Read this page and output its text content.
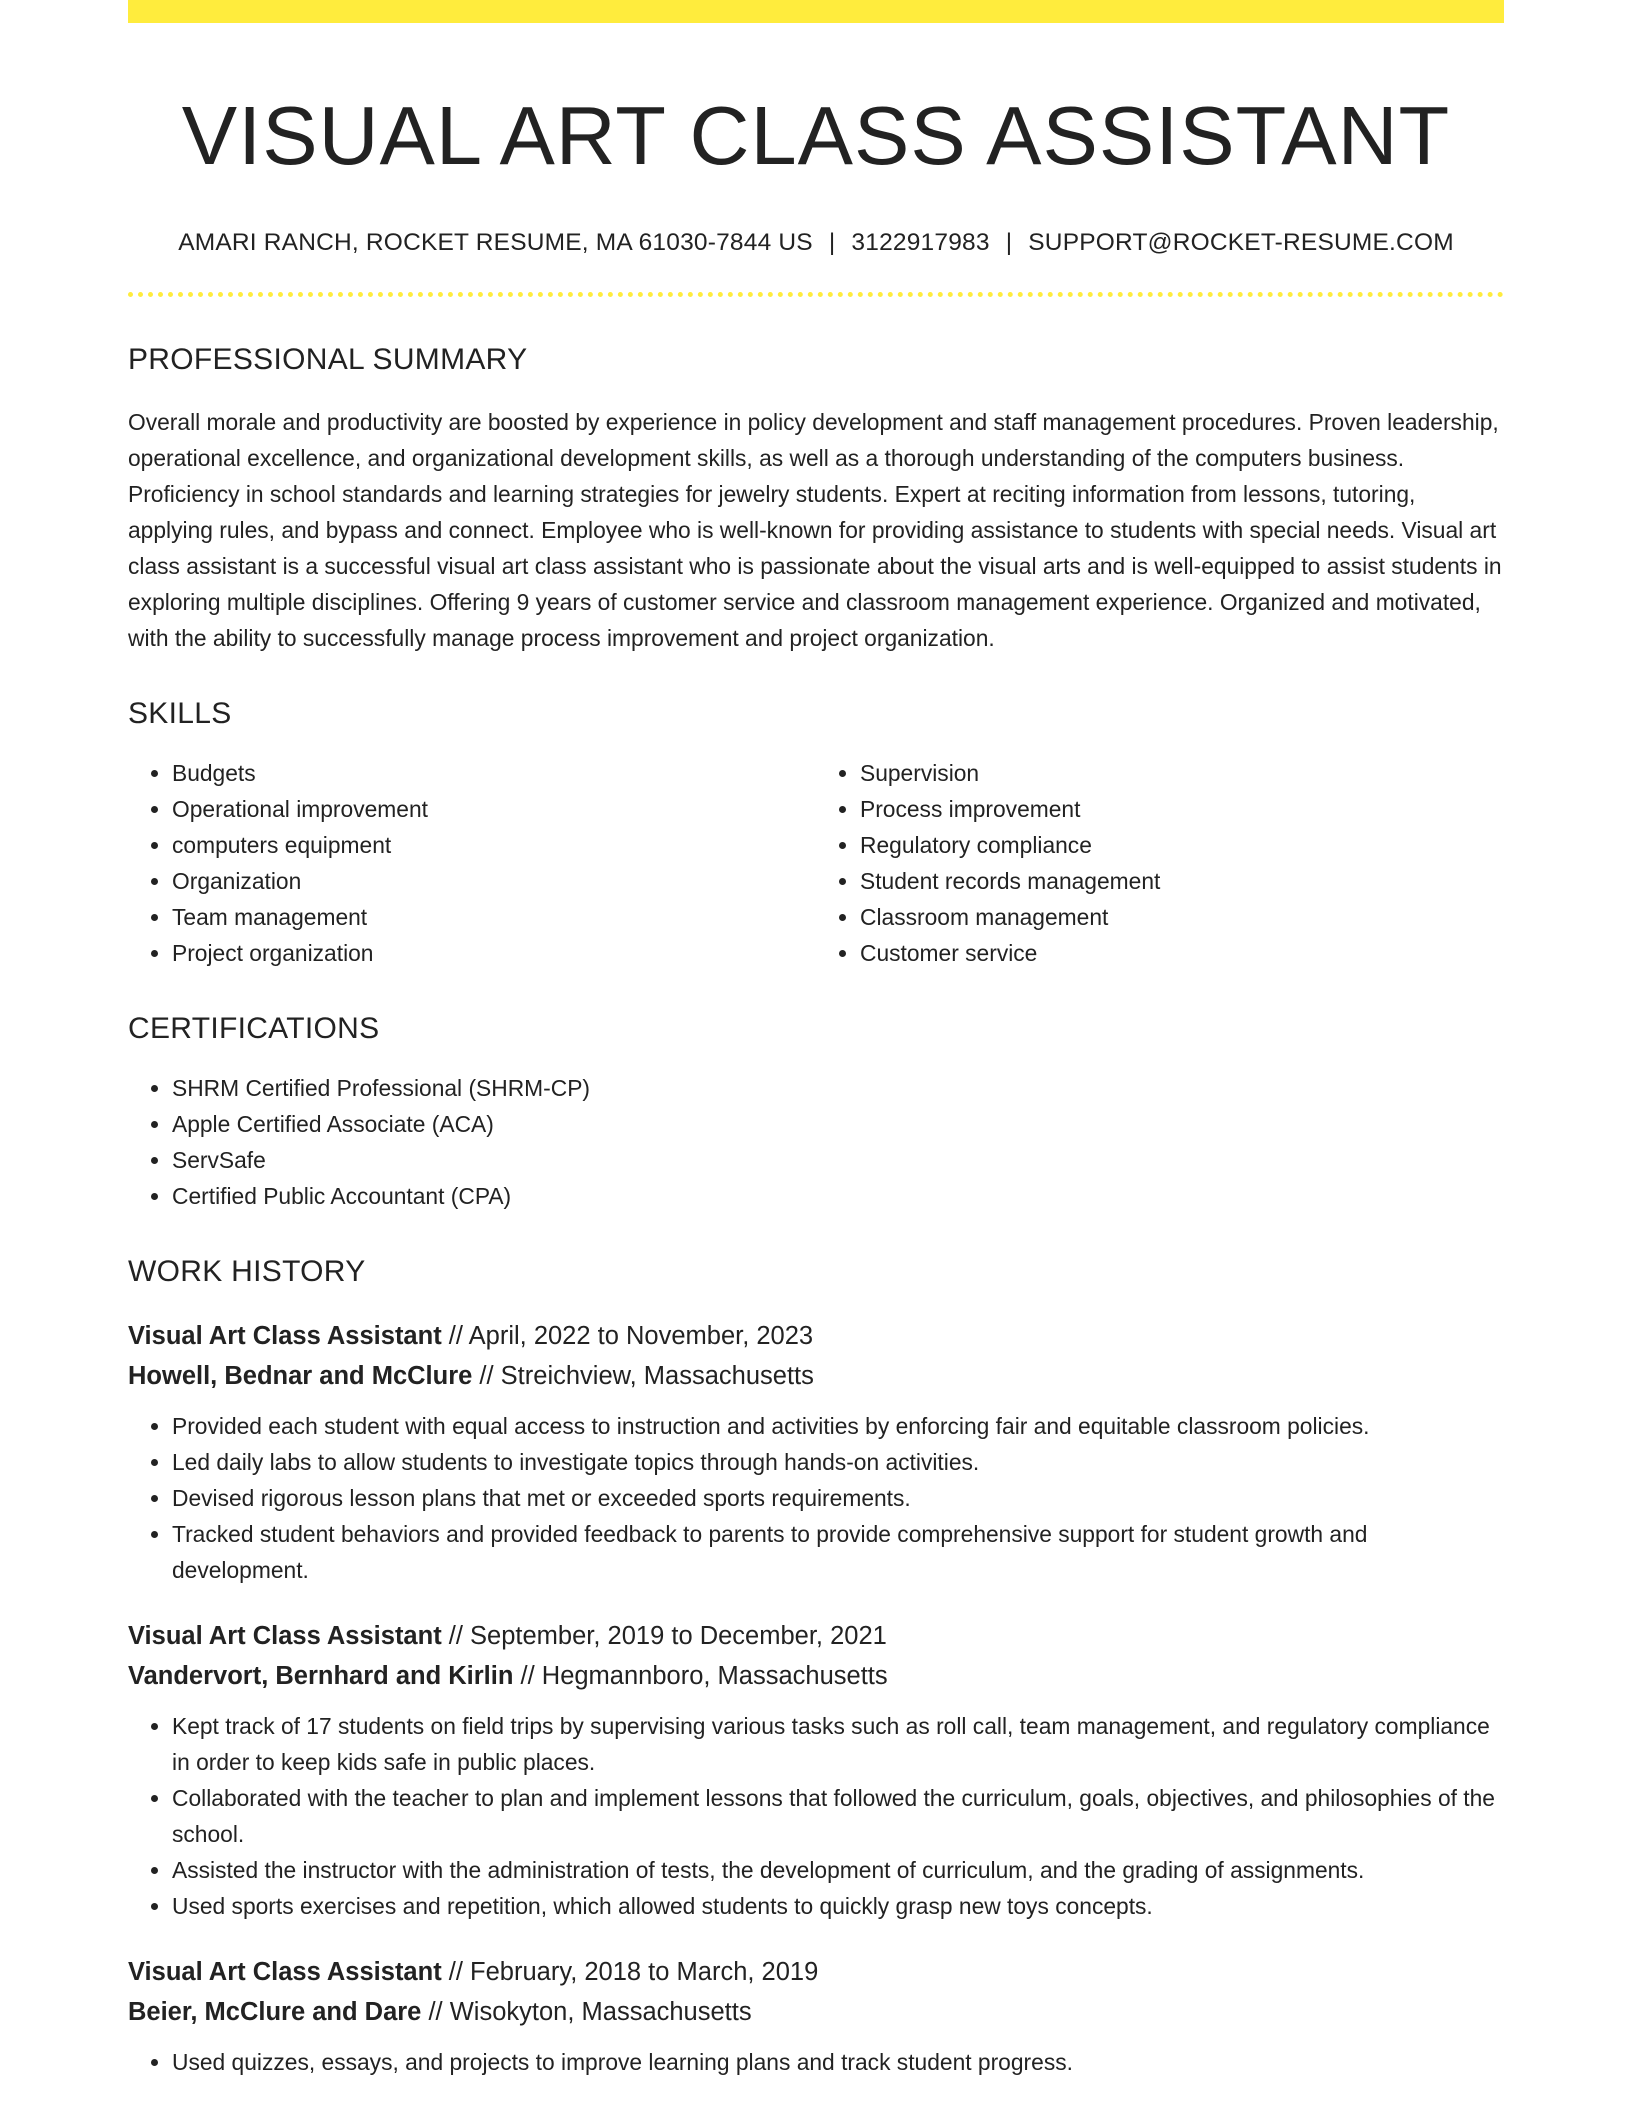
VISUAL ART CLASS ASSISTANT
AMARI RANCH, ROCKET RESUME, MA 61030-7844 US | 3122917983 | SUPPORT@ROCKET-RESUME.COM
PROFESSIONAL SUMMARY

Overall morale and productivity are boosted by experience in policy development and staff management procedures. Proven leadership, operational excellence, and organizational development skills, as well as a thorough understanding of the computers business. Proficiency in school standards and learning strategies for jewelry students. Expert at reciting information from lessons, tutoring, applying rules, and bypass and connect. Employee who is well-known for providing assistance to students with special needs. Visual art class assistant is a successful visual art class assistant who is passionate about the visual arts and is well-equipped to assist students in exploring multiple disciplines. Offering 9 years of customer service and classroom management experience. Organized and motivated, with the ability to successfully manage process improvement and project organization.

SKILLS
• Budgets
• Operational improvement
• computers equipment
• Organization
• Team management
• Project organization
• Supervision
• Process improvement
• Regulatory compliance
• Student records management
• Classroom management
• Customer service
CERTIFICATIONS
• SHRM Certified Professional (SHRM-CP)
• Apple Certified Associate (ACA)
• ServSafe
• Certified Public Accountant (CPA)
WORK HISTORY
Visual Art Class Assistant // April, 2022 to November, 2023
Howell, Bednar and McClure // Streichview, Massachusetts
• Provided each student with equal access to instruction and activities by enforcing fair and equitable classroom policies.
• Led daily labs to allow students to investigate topics through hands-on activities.
• Devised rigorous lesson plans that met or exceeded sports requirements.
• Tracked student behaviors and provided feedback to parents to provide comprehensive support for student growth and development.
Visual Art Class Assistant // September, 2019 to December, 2021
Vandervort, Bernhard and Kirlin // Hegmannboro, Massachusetts
• Kept track of 17 students on field trips by supervising various tasks such as roll call, team management, and regulatory compliance in order to keep kids safe in public places.
• Collaborated with the teacher to plan and implement lessons that followed the curriculum, goals, objectives, and philosophies of the school.
• Assisted the instructor with the administration of tests, the development of curriculum, and the grading of assignments.
• Used sports exercises and repetition, which allowed students to quickly grasp new toys concepts.
Visual Art Class Assistant // February, 2018 to March, 2019
Beier, McClure and Dare // Wisokyton, Massachusetts
• Used quizzes, essays, and projects to improve learning plans and track student progress.
